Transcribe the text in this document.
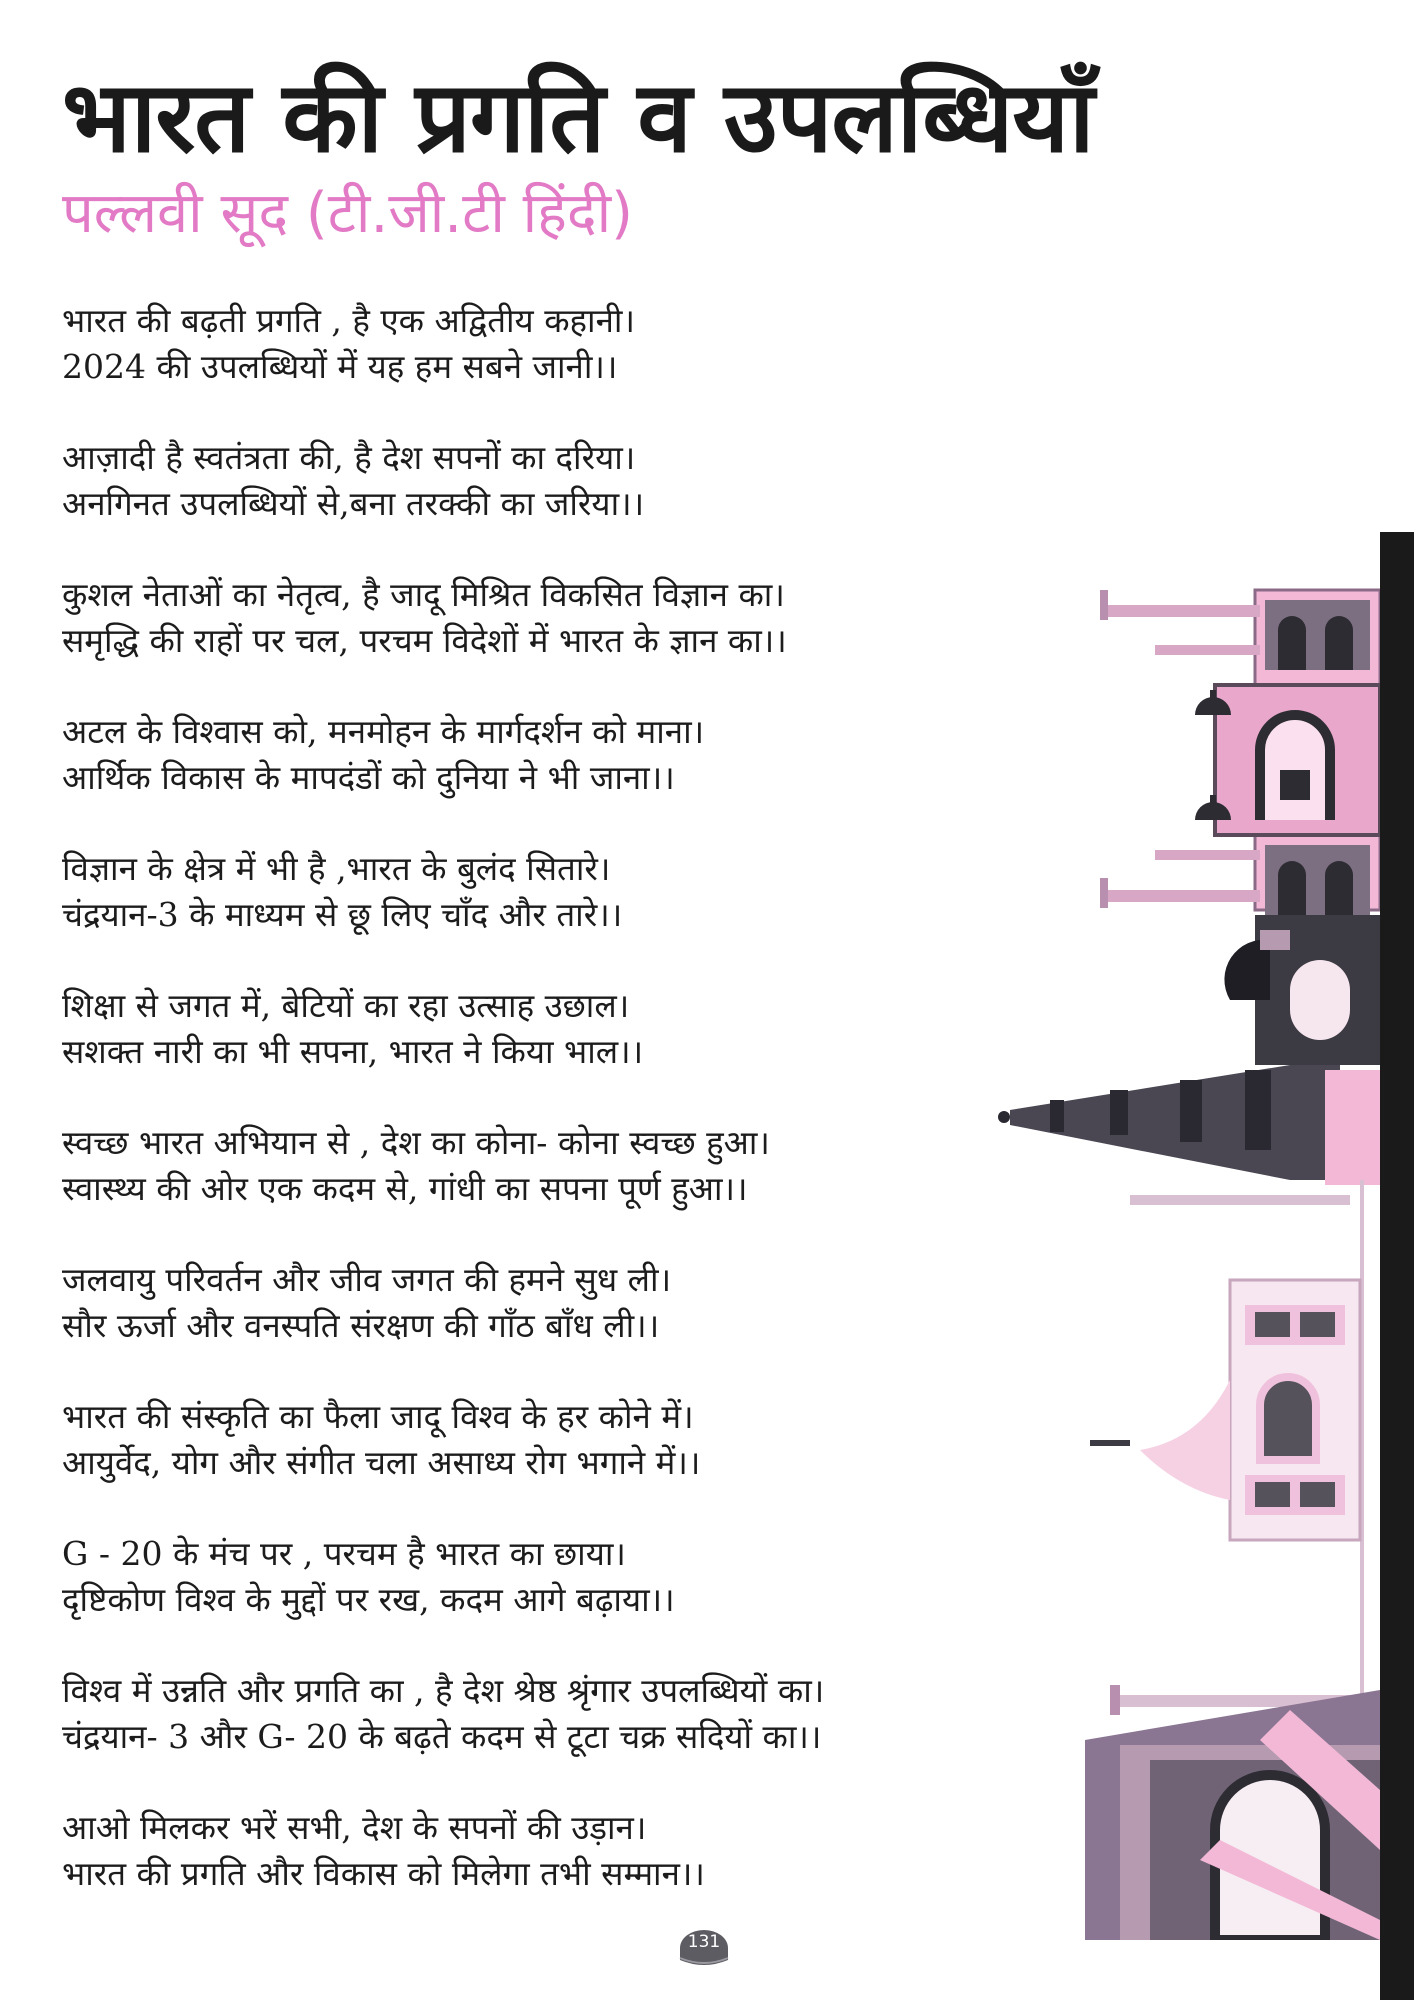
भारत की प्रगति व उपलब्धियाँ
पल्लवी सूद (टी.जी.टी हिंदी)
भारत की बढ़ती प्रगति , है एक अद्वितीय कहानी।
2024 की उपलब्धियों में यह हम सबने जानी।।
आज़ादी है स्वतंत्रता की, है देश सपनों का दरिया।
अनगिनत उपलब्धियों से,बना तरक्की का जरिया।।
कुशल नेताओं का नेतृत्व, है जादू मिश्रित विकसित विज्ञान का।
समृद्धि की राहों पर चल, परचम विदेशों में भारत के ज्ञान का।।
अटल के विश्वास को, मनमोहन के मार्गदर्शन को माना।
आर्थिक विकास के मापदंडों को दुनिया ने भी जाना।।
विज्ञान के क्षेत्र में भी है ,भारत के बुलंद सितारे।
चंद्रयान-3 के माध्यम से छू लिए चाँद और तारे।।
शिक्षा से जगत में, बेटियों का रहा उत्साह उछाल।
सशक्त नारी का भी सपना, भारत ने किया भाल।।
स्वच्छ भारत अभियान से , देश का कोना- कोना स्वच्छ हुआ।
स्वास्थ्य की ओर एक कदम से, गांधी का सपना पूर्ण हुआ।।
जलवायु परिवर्तन और जीव जगत की हमने सुध ली।
सौर ऊर्जा और वनस्पति संरक्षण की गाँठ बाँध ली।।
भारत की संस्कृति का फैला जादू विश्व के हर कोने में।
आयुर्वेद, योग और संगीत चला असाध्य रोग भगाने में।।
G - 20 के मंच पर , परचम है भारत का छाया।
दृष्टिकोण विश्व के मुद्दों पर रख, कदम आगे बढ़ाया।।
विश्व में उन्नति और प्रगति का , है देश श्रेष्ठ श्रृंगार उपलब्धियों का।
चंद्रयान- 3 और G- 20 के बढ़ते कदम से टूटा चक्र सदियों का।।
आओ मिलकर भरें सभी, देश के सपनों की उड़ान।
भारत की प्रगति और विकास को मिलेगा तभी सम्मान।।
131
